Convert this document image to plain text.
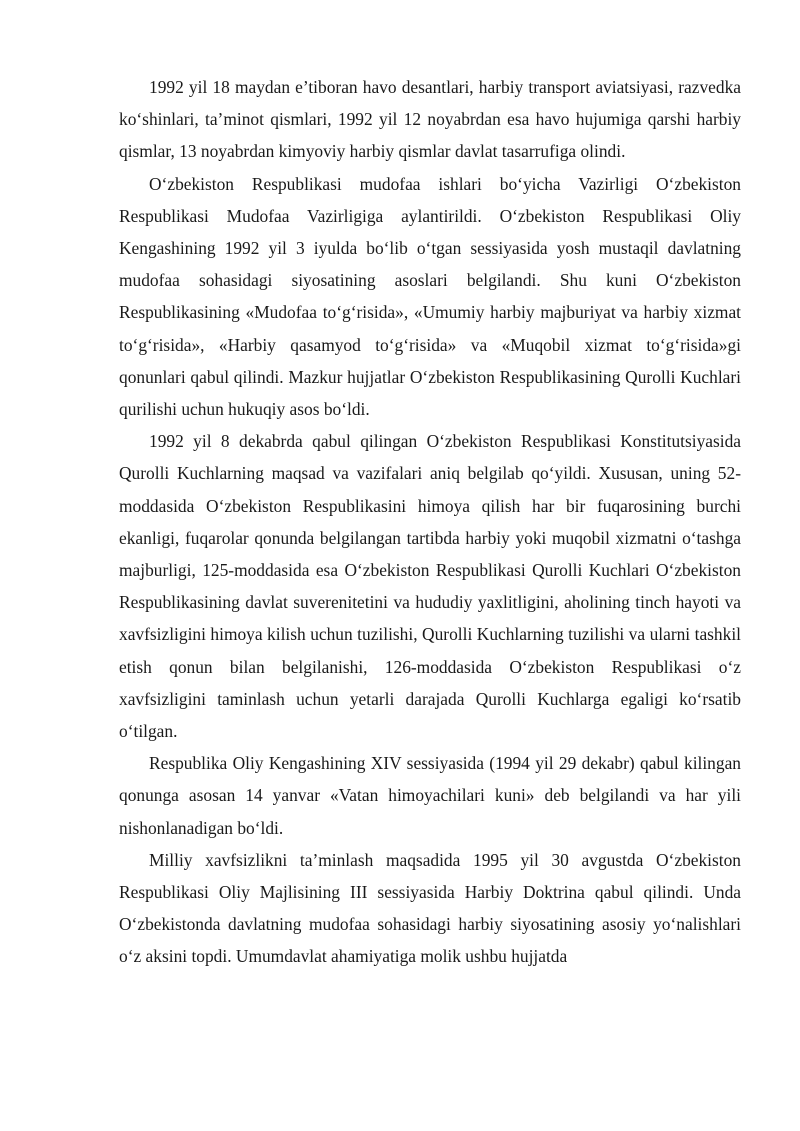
1992 yil 18 maydan e’tiboran havo desantlari, harbiy transport aviatsiyasi, razvedka ko‘shinlari, ta’minot qismlari, 1992 yil 12 noyabrdan esa havo hujumiga qarshi harbiy qismlar, 13 noyabrdan kimyoviy harbiy qismlar davlat tasarrufiga olindi.

O‘zbekiston Respublikasi mudofaa ishlari bo‘yicha Vazirligi O‘zbekiston Respublikasi Mudofaa Vazirligiga aylantirildi. O‘zbekiston Respublikasi Oliy Kengashining 1992 yil 3 iyulda bo‘lib o‘tgan sessiyasida yosh mustaqil davlatning mudofaa sohasidagi siyosatining asoslari belgilandi. Shu kuni O‘zbekiston Respublikasining «Mudofaa to‘g‘risida», «Umumiy harbiy majburiyat va harbiy xizmat to‘g‘risida», «Harbiy qasamyod to‘g‘risida» va «Muqobil xizmat to‘g‘risida»gi qonunlari qabul qilindi. Mazkur hujjatlar O‘zbekiston Respublikasining Qurolli Kuchlari qurilishi uchun hukuqiy asos bo‘ldi.

1992 yil 8 dekabrda qabul qilingan O‘zbekiston Respublikasi Konstitutsiyasida Qurolli Kuchlarning maqsad va vazifalari aniq belgilab qo‘yildi. Xususan, uning 52-moddasida O‘zbekiston Respublikasini himoya qilish har bir fuqarosining burchi ekanligi, fuqarolar qonunda belgilangan tartibda harbiy yoki muqobil xizmatni o‘tashga majburligi, 125-moddasida esa O‘zbekiston Respublikasi Qurolli Kuchlari O‘zbekiston Respublikasining davlat suverenitetini va hududiy yaxlitligini, aholining tinch hayoti va xavfsizligini himoya kilish uchun tuzilishi, Qurolli Kuchlarning tuzilishi va ularni tashkil etish qonun bilan belgilanishi, 126-moddasida O‘zbekiston Respublikasi o‘z xavfsizligini taminlash uchun yetarli darajada Qurolli Kuchlarga egaligi ko‘rsatib o‘tilgan.

Respublika Oliy Kengashining XIV sessiyasida (1994 yil 29 dekabr) qabul kilingan qonunga asosan 14 yanvar «Vatan himoyachilari kuni» deb belgilandi va har yili nishonlanadigan bo‘ldi.

Milliy xavfsizlikni ta’minlash maqsadida 1995 yil 30 avgustda O‘zbekiston Respublikasi Oliy Majlisining III sessiyasida Harbiy Doktrina qabul qilindi. Unda O‘zbekistonda davlatning mudofaa sohasidagi harbiy siyosatining asosiy yo‘nalishlari o‘z aksini topdi. Umumdavlat ahamiyatiga molik ushbu hujjatda
